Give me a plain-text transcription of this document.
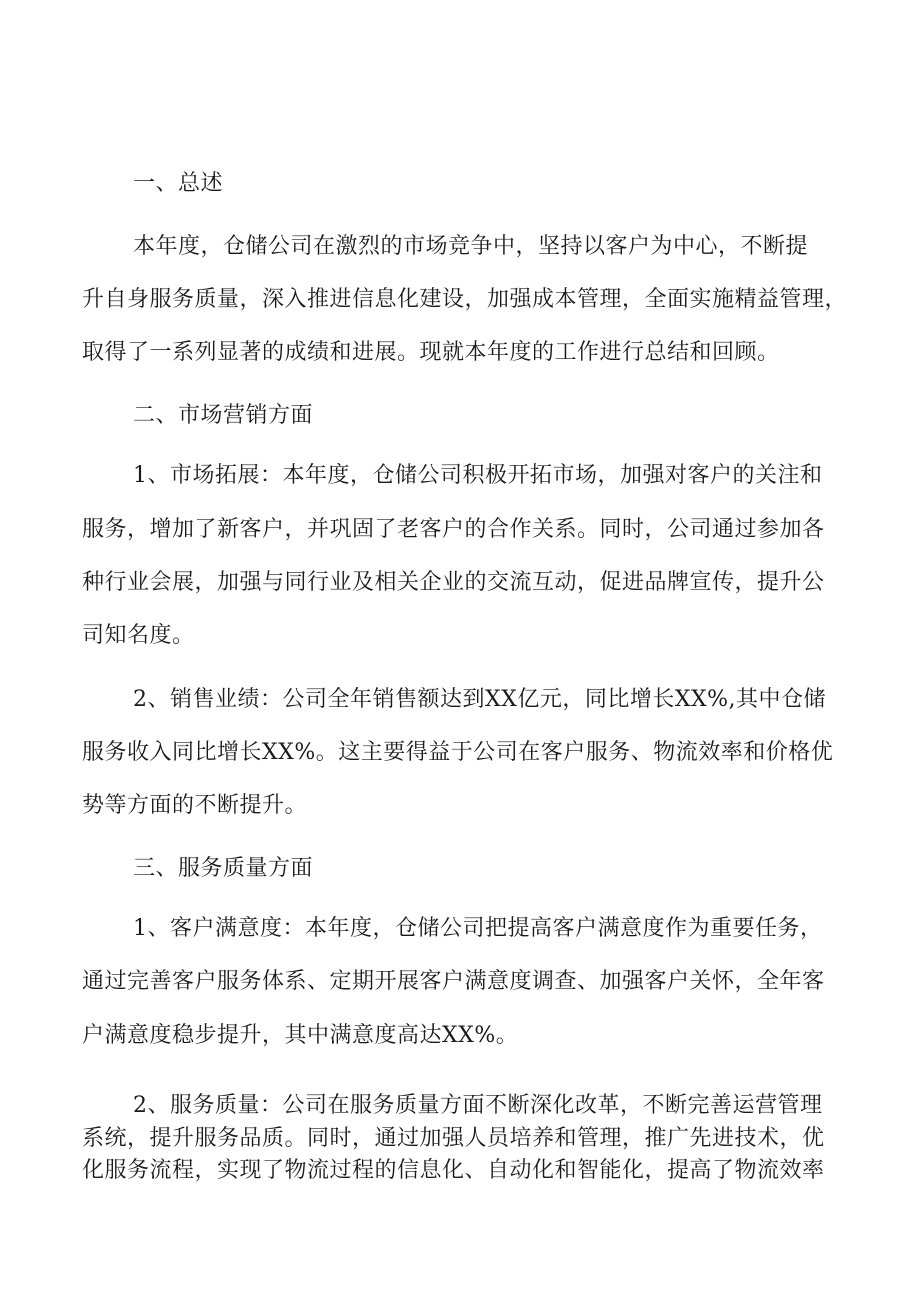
一、总述
本年度，仓储公司在激烈的市场竞争中，坚持以客户为中心，不断提
升自身服务质量，深入推进信息化建设，加强成本管理，全面实施精益管理，
取得了一系列显著的成绩和进展。现就本年度的工作进行总结和回顾。
二、市场营销方面
1、市场拓展：本年度，仓储公司积极开拓市场，加强对客户的关注和
服务，增加了新客户，并巩固了老客户的合作关系。同时，公司通过参加各
种行业会展，加强与同行业及相关企业的交流互动，促进品牌宣传，提升公
司知名度。
2、销售业绩：公司全年销售额达到XX亿元，同比增长XX%,其中仓储
服务收入同比增长XX%。这主要得益于公司在客户服务、物流效率和价格优
势等方面的不断提升。
三、服务质量方面
1、客户满意度：本年度，仓储公司把提高客户满意度作为重要任务，
通过完善客户服务体系、定期开展客户满意度调查、加强客户关怀，全年客
户满意度稳步提升，其中满意度高达XX%。
2、服务质量：公司在服务质量方面不断深化改革，不断完善运营管理
系统，提升服务品质。同时，通过加强人员培养和管理，推广先进技术，优
化服务流程，实现了物流过程的信息化、自动化和智能化，提高了物流效率
